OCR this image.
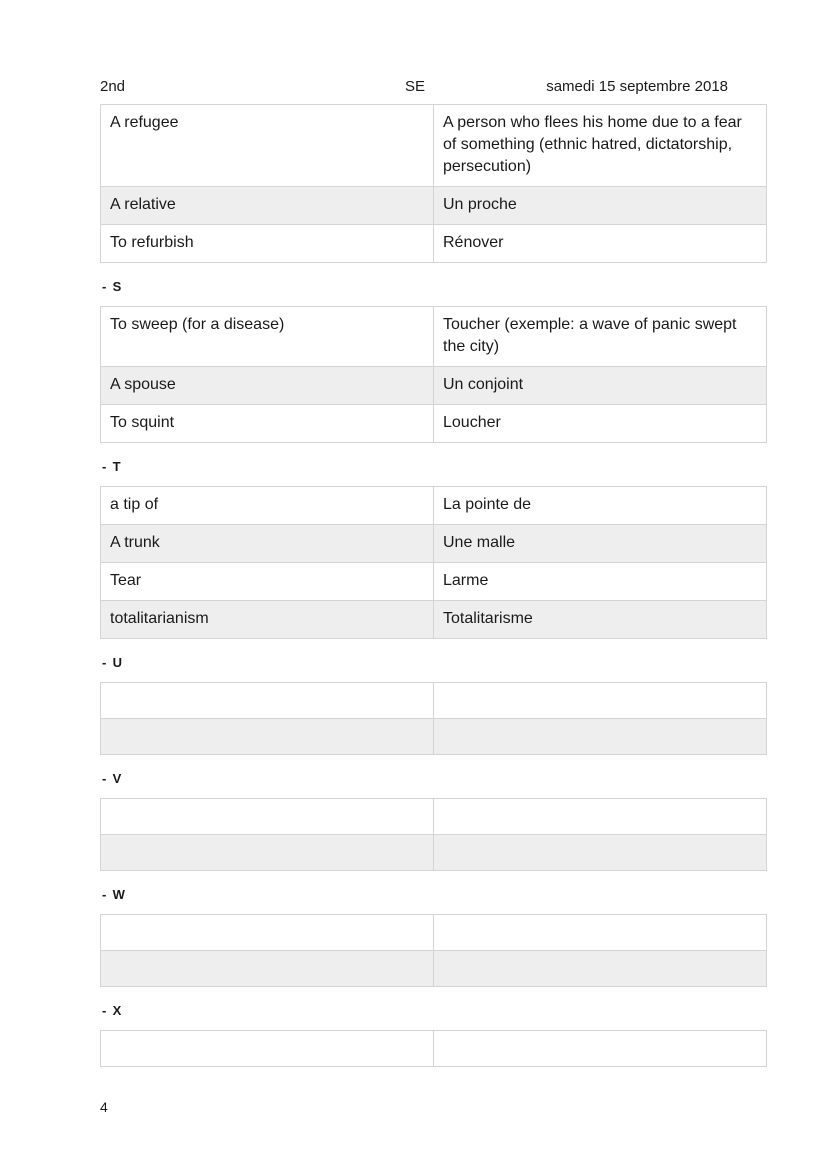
2nd	SE	samedi 15 septembre 2018
A refugee	A person who flees his home due to a fear of something (ethnic hatred, dictatorship, persecution)
A relative	Un proche
To refurbish	Rénover
- S
To sweep (for a disease)	Toucher (exemple: a wave of panic swept the city)
A spouse	Un conjoint
To squint	Loucher
- T
a tip of	La pointe de
A trunk	Une malle
Tear	Larme
totalitarianism	Totalitarisme
- U

- V

- W

- X

4
